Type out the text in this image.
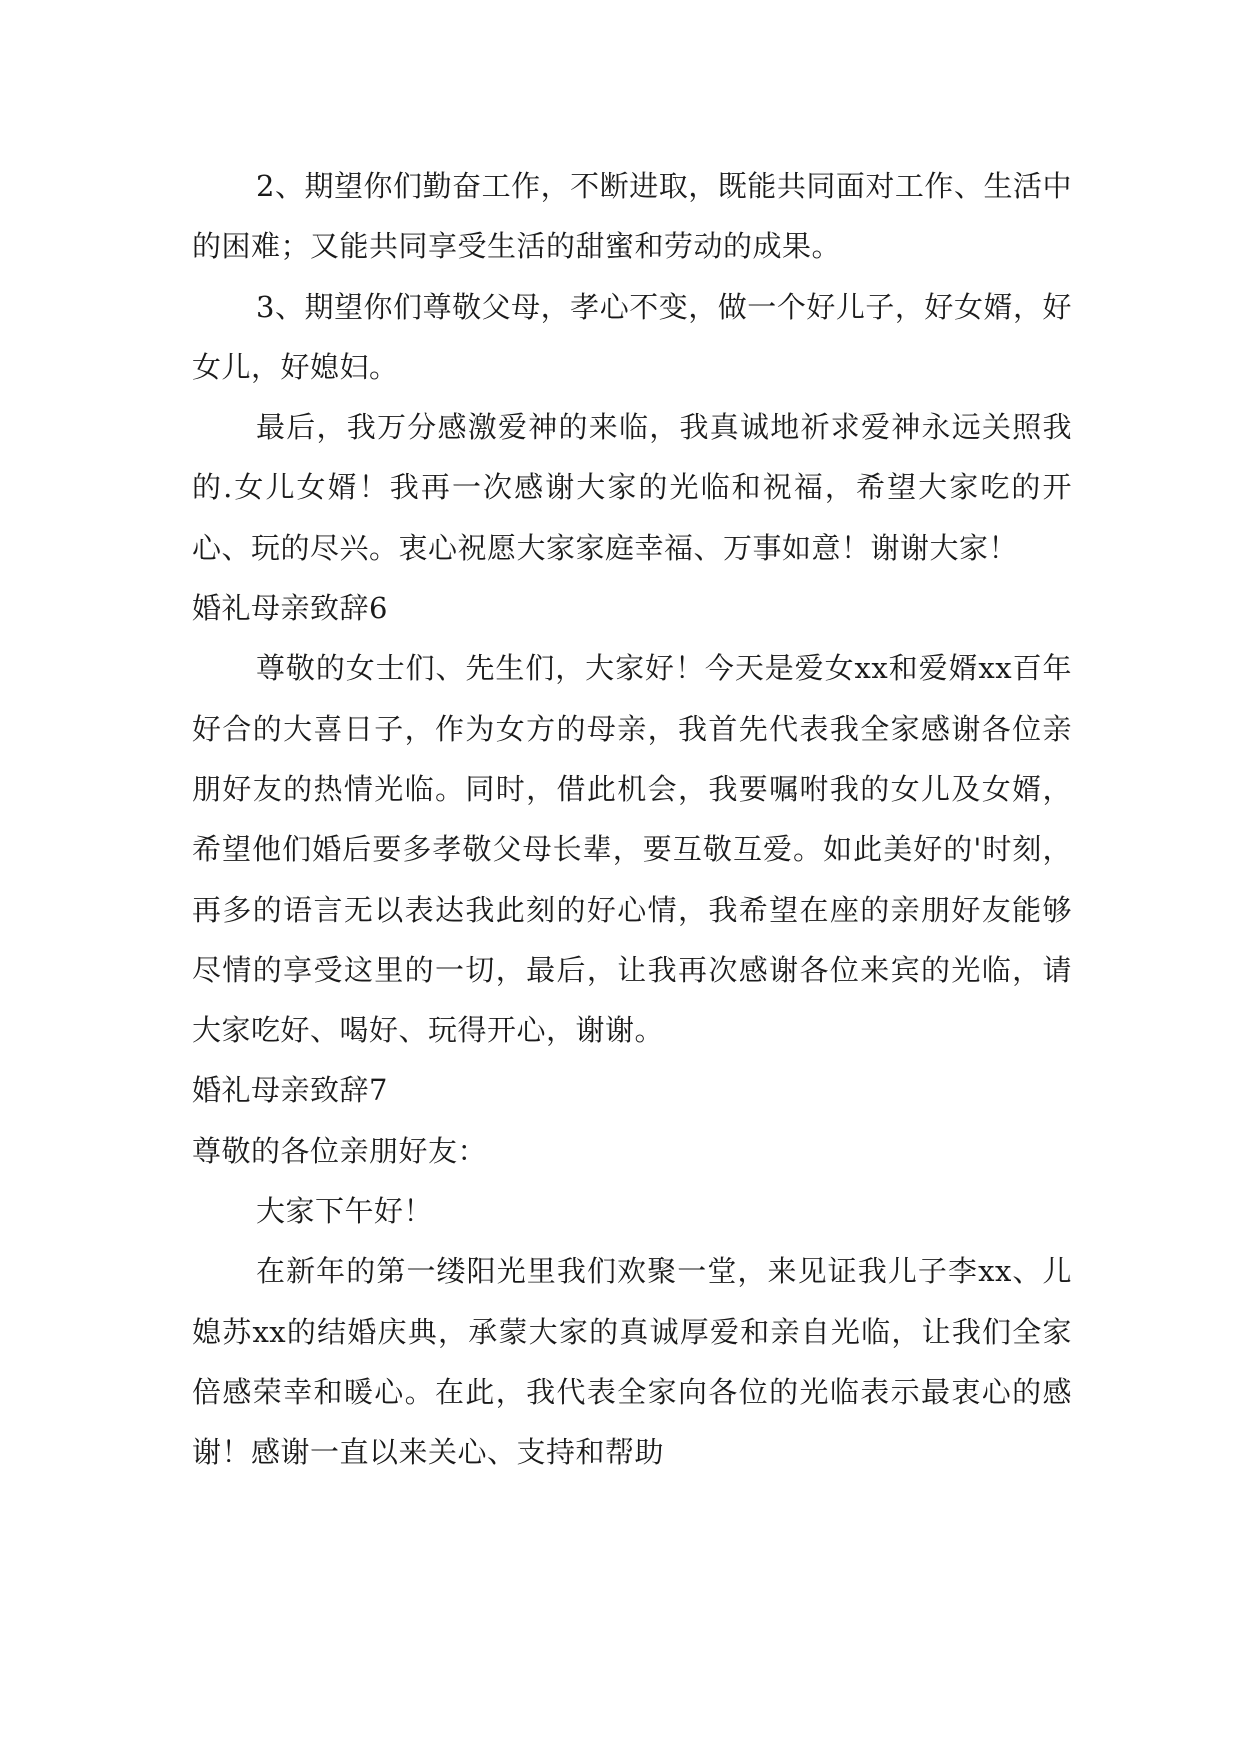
2、期望你们勤奋工作，不断进取，既能共同面对工作、生活中的困难；又能共同享受生活的甜蜜和劳动的成果。

3、期望你们尊敬父母，孝心不变，做一个好儿子，好女婿，好女儿，好媳妇。

最后，我万分感激爱神的来临，我真诚地祈求爱神永远关照我的.女儿女婿！我再一次感谢大家的光临和祝福，希望大家吃的开心、玩的尽兴。衷心祝愿大家家庭幸福、万事如意！谢谢大家！

婚礼母亲致辞6

尊敬的女士们、先生们，大家好！今天是爱女xx和爱婿xx百年好合的大喜日子，作为女方的母亲，我首先代表我全家感谢各位亲朋好友的热情光临。同时，借此机会，我要嘱咐我的女儿及女婿，希望他们婚后要多孝敬父母长辈，要互敬互爱。如此美好的'时刻，再多的语言无以表达我此刻的好心情，我希望在座的亲朋好友能够尽情的享受这里的一切，最后，让我再次感谢各位来宾的光临，请大家吃好、喝好、玩得开心，谢谢。

婚礼母亲致辞7

尊敬的各位亲朋好友：

大家下午好！

在新年的第一缕阳光里我们欢聚一堂，来见证我儿子李xx、儿媳苏xx的结婚庆典，承蒙大家的真诚厚爱和亲自光临，让我们全家倍感荣幸和暖心。在此，我代表全家向各位的光临表示最衷心的感谢！感谢一直以来关心、支持和帮助
